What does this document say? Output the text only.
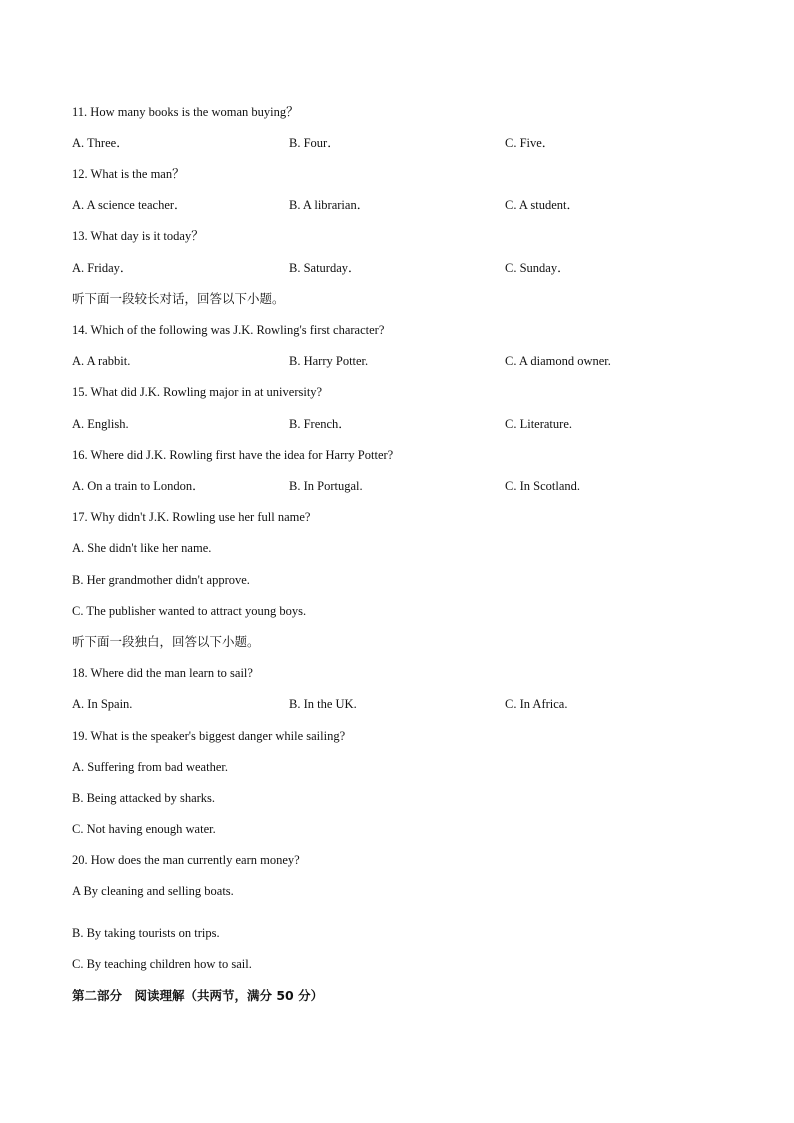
11. How many books is the woman buying？
A. Three．	B. Four．	C. Five．
12. What is the man？
A. A science teacher．	B. A librarian．	C. A student．
13. What day is it today？
A. Friday．	B. Saturday．	C. Sunday．
听下面一段较长对话，回答以下小题。
14. Which of the following was J.K. Rowling's first character?
A. A rabbit.	B. Harry Potter.	C. A diamond owner.
15. What did J.K. Rowling major in at university?
A. English.	B. French．	C. Literature.
16. Where did J.K. Rowling first have the idea for Harry Potter?
A. On a train to London．	B. In Portugal.	C. In Scotland.
17. Why didn't J.K. Rowling use her full name?
A. She didn't like her name.
B. Her grandmother didn't approve.
C. The publisher wanted to attract young boys.
听下面一段独白，回答以下小题。
18. Where did the man learn to sail?
A. In Spain.	B. In the UK.	C. In Africa.
19. What is the speaker's biggest danger while sailing?
A. Suffering from bad weather.
B. Being attacked by sharks.
C. Not having enough water.
20. How does the man currently earn money?
A By cleaning and selling boats.
B. By taking tourists on trips.
C. By teaching children how to sail.
第二部分　阅读理解（共两节，满分 50 分）
